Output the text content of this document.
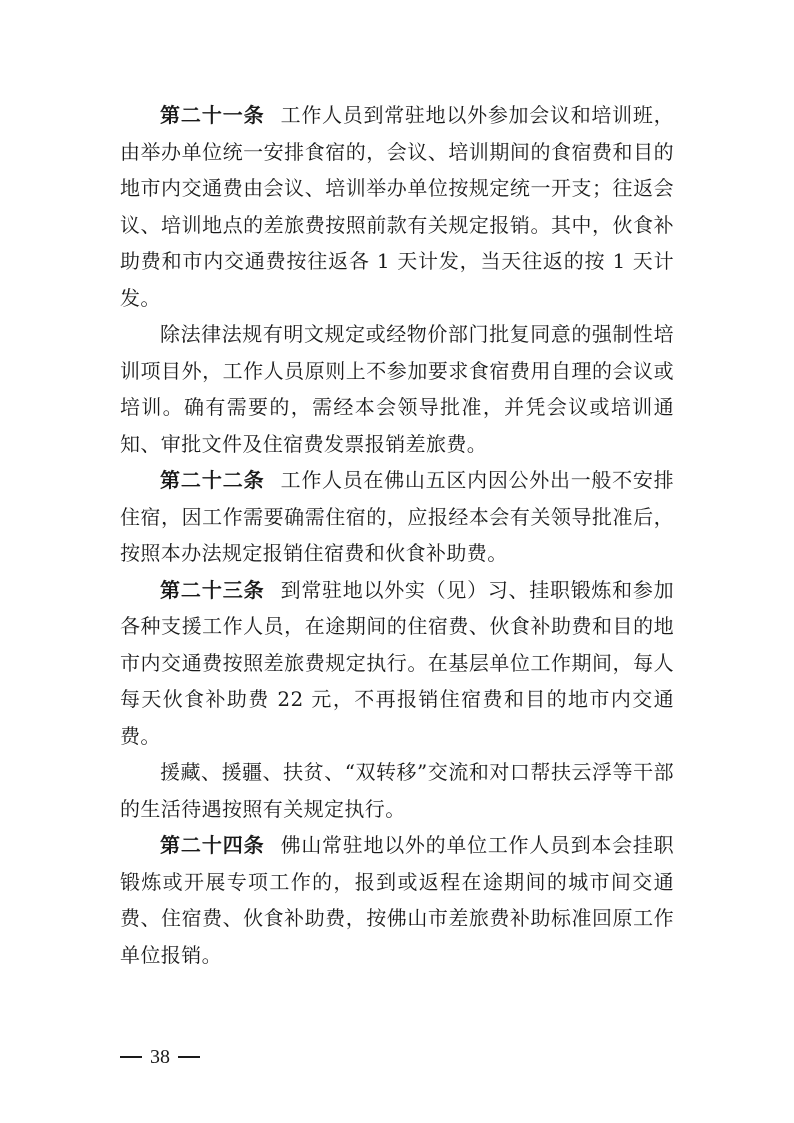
第二十一条 工作人员到常驻地以外参加会议和培训班，由举办单位统一安排食宿的，会议、培训期间的食宿费和目的地市内交通费由会议、培训举办单位按规定统一开支；往返会议、培训地点的差旅费按照前款有关规定报销。其中，伙食补助费和市内交通费按往返各 1 天计发，当天往返的按 1 天计发。

除法律法规有明文规定或经物价部门批复同意的强制性培训项目外，工作人员原则上不参加要求食宿费用自理的会议或培训。确有需要的，需经本会领导批准，并凭会议或培训通知、审批文件及住宿费发票报销差旅费。

第二十二条 工作人员在佛山五区内因公外出一般不安排住宿，因工作需要确需住宿的，应报经本会有关领导批准后，按照本办法规定报销住宿费和伙食补助费。

第二十三条 到常驻地以外实（见）习、挂职锻炼和参加各种支援工作人员，在途期间的住宿费、伙食补助费和目的地市内交通费按照差旅费规定执行。在基层单位工作期间，每人每天伙食补助费 22 元，不再报销住宿费和目的地市内交通费。

援藏、援疆、扶贫、“双转移”交流和对口帮扶云浮等干部的生活待遇按照有关规定执行。

第二十四条 佛山常驻地以外的单位工作人员到本会挂职锻炼或开展专项工作的，报到或返程在途期间的城市间交通费、住宿费、伙食补助费，按佛山市差旅费补助标准回原工作单位报销。

38
